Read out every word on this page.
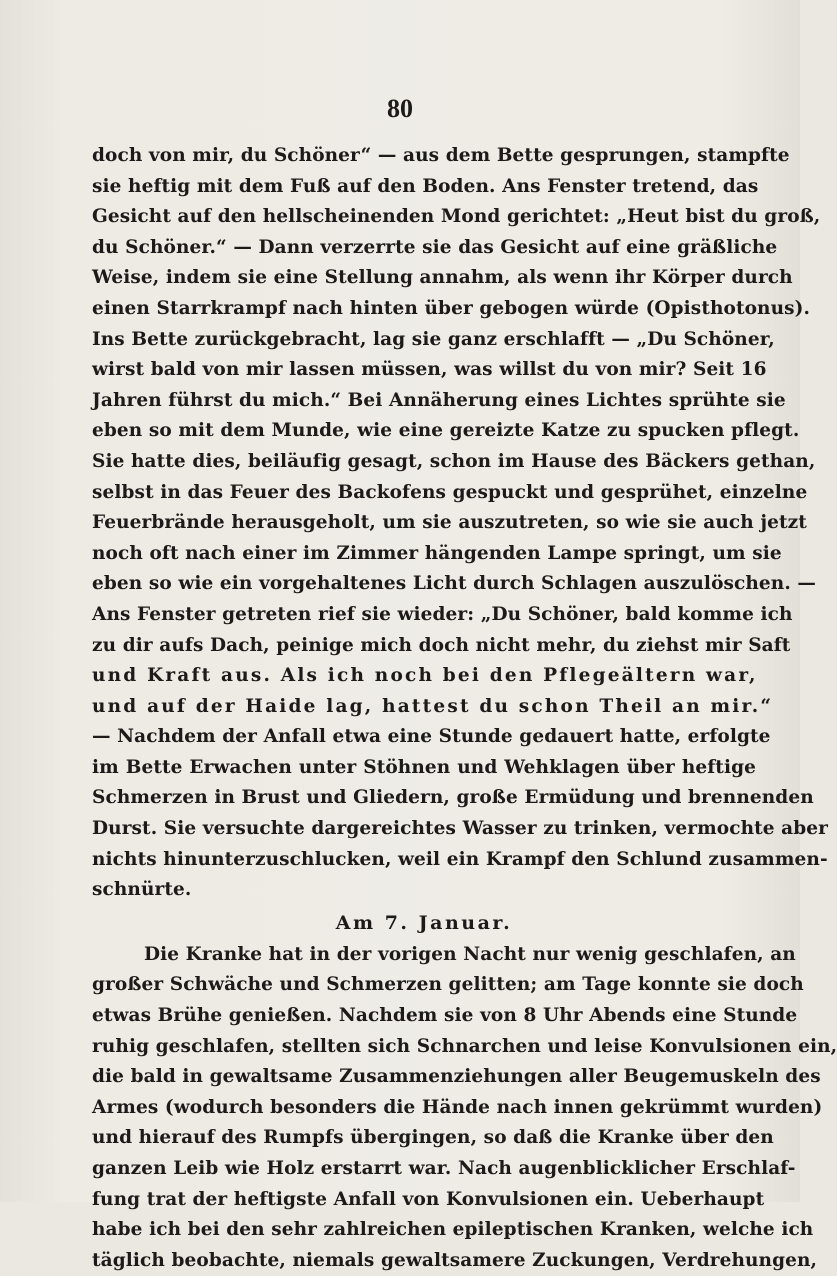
80
doch von mir, du Schöner“ — aus dem Bette gesprungen, stampfte
sie heftig mit dem Fuß auf den Boden. Ans Fenster tretend, das
Gesicht auf den hellscheinenden Mond gerichtet: „Heut bist du groß,
du Schöner.“ — Dann verzerrte sie das Gesicht auf eine gräßliche
Weise, indem sie eine Stellung annahm, als wenn ihr Körper durch
einen Starrkrampf nach hinten über gebogen würde (Opisthotonus).
Ins Bette zurückgebracht, lag sie ganz erschlafft — „Du Schöner,
wirst bald von mir lassen müssen, was willst du von mir? Seit 16
Jahren führst du mich.“ Bei Annäherung eines Lichtes sprühte sie
eben so mit dem Munde, wie eine gereizte Katze zu spucken pflegt.
Sie hatte dies, beiläufig gesagt, schon im Hause des Bäckers gethan,
selbst in das Feuer des Backofens gespuckt und gesprühet, einzelne
Feuerbrände herausgeholt, um sie auszutreten, so wie sie auch jetzt
noch oft nach einer im Zimmer hängenden Lampe springt, um sie
eben so wie ein vorgehaltenes Licht durch Schlagen auszulöschen. —
Ans Fenster getreten rief sie wieder: „Du Schöner, bald komme ich
zu dir aufs Dach, peinige mich doch nicht mehr, du ziehst mir Saft
und Kraft aus. Als ich noch bei den Pflegeältern war,
und auf der Haide lag, hattest du schon Theil an mir.“
— Nachdem der Anfall etwa eine Stunde gedauert hatte, erfolgte
im Bette Erwachen unter Stöhnen und Wehklagen über heftige
Schmerzen in Brust und Gliedern, große Ermüdung und brennenden
Durst. Sie versuchte dargereichtes Wasser zu trinken, vermochte aber
nichts hinunterzuschlucken, weil ein Krampf den Schlund zusammen-
schnürte.
Am 7. Januar.
Die Kranke hat in der vorigen Nacht nur wenig geschlafen, an
großer Schwäche und Schmerzen gelitten; am Tage konnte sie doch
etwas Brühe genießen. Nachdem sie von 8 Uhr Abends eine Stunde
ruhig geschlafen, stellten sich Schnarchen und leise Konvulsionen ein,
die bald in gewaltsame Zusammenziehungen aller Beugemuskeln des
Armes (wodurch besonders die Hände nach innen gekrümmt wurden)
und hierauf des Rumpfs übergingen, so daß die Kranke über den
ganzen Leib wie Holz erstarrt war. Nach augenblicklicher Erschlaf-
fung trat der heftigste Anfall von Konvulsionen ein. Ueberhaupt
habe ich bei den sehr zahlreichen epileptischen Kranken, welche ich
täglich beobachte, niemals gewaltsamere Zuckungen, Verdrehungen,
